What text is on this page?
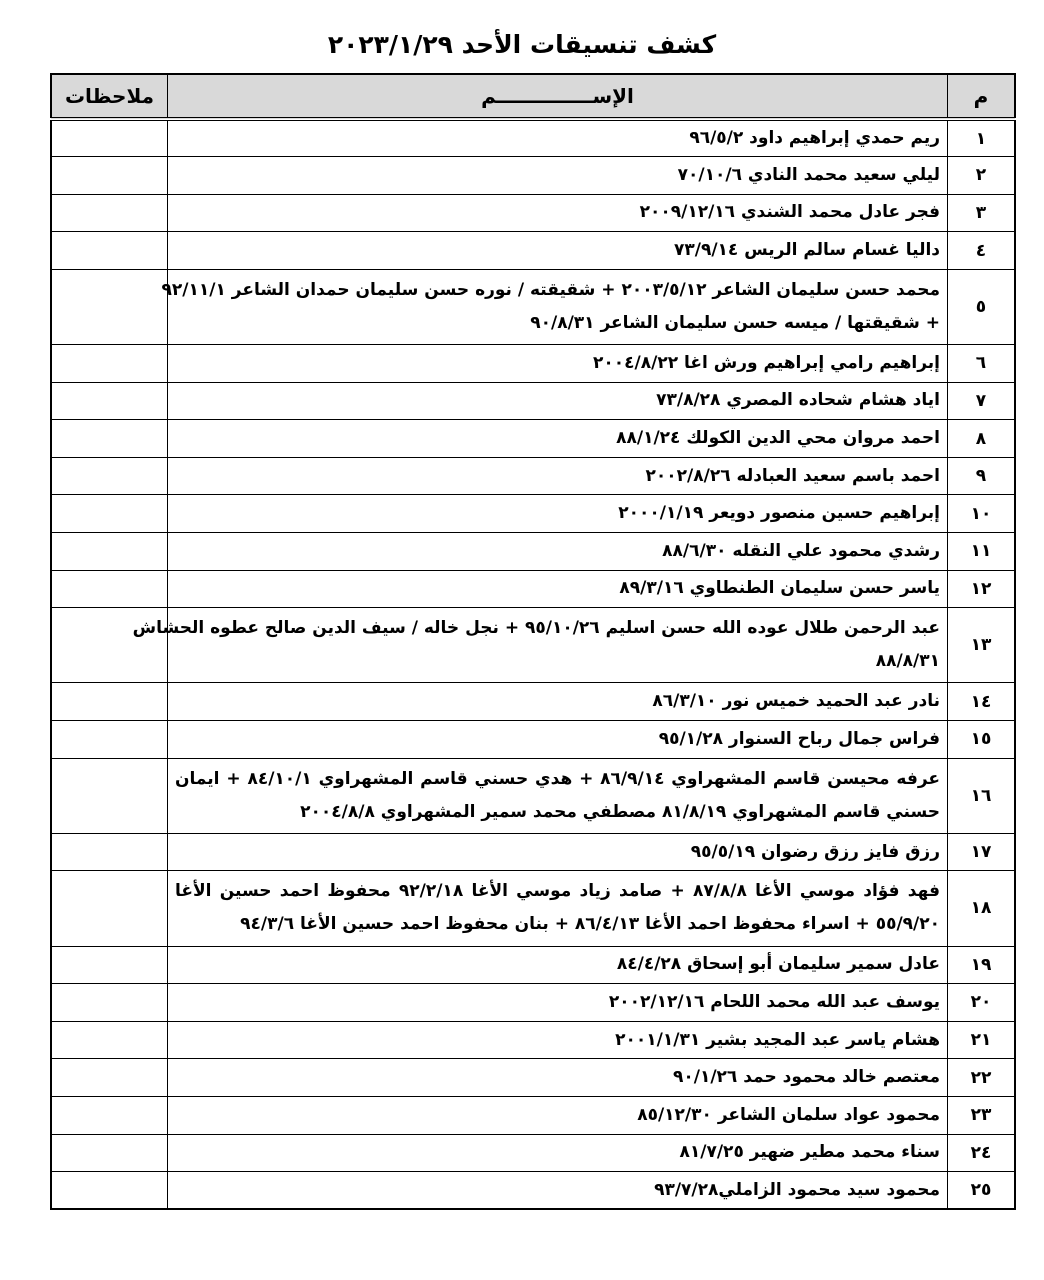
كشف تنسيقات الأحد ٢٠٢٣/١/٢٩
م	الإســــــــــــــم	ملاحظات
١	ريم حمدي إبراهيم داود ٩٦/٥/٢	

٢	ليلي سعيد محمد النادي ٧٠/١٠/٦	

٣	فجر عادل محمد الشندي ٢٠٠٩/١٢/١٦	

٤	داليا غسام سالم الريس ٧٣/٩/١٤	

٥	محمد حسن سليمان الشاعر ٢٠٠٣/٥/١٢ + شقيقته / نوره حسن سليمان حمدان الشاعر ٩٢/١١/١
+ شقيقتها / ميسه حسن سليمان الشاعر ٩٠/٨/٣١	

٦	إبراهيم رامي إبراهيم ورش اغا ٢٠٠٤/٨/٢٢	

٧	اياد هشام شحاده المصري ٧٣/٨/٢٨	

٨	احمد مروان محي الدين الكولك ٨٨/١/٢٤	

٩	احمد باسم سعيد العبادله ٢٠٠٢/٨/٢٦	

١٠	إبراهيم حسين منصور دويعر ٢٠٠٠/١/١٩	

١١	رشدي محمود علي النقله ٨٨/٦/٣٠	

١٢	ياسر حسن سليمان الطنطاوي ٨٩/٣/١٦	

١٣	عبد الرحمن طلال عوده الله حسن اسليم ٩٥/١٠/٢٦ + نجل خاله / سيف الدين صالح عطوه الحشاش
٨٨/٨/٣١	

١٤	نادر عبد الحميد خميس نور ٨٦/٣/١٠	

١٥	فراس جمال رباح السنوار ٩٥/١/٢٨	

١٦	عرفه محيسن قاسم المشهراوي ٨٦/٩/١٤ + هدي حسني قاسم المشهراوي ٨٤/١٠/١ + ايمان
حسني قاسم المشهراوي ٨١/٨/١٩ مصطفي محمد سمير المشهراوي ٢٠٠٤/٨/٨	

١٧	رزق فايز رزق رضوان ٩٥/٥/١٩	

١٨	فهد فؤاد موسي الأغا ٨٧/٨/٨ + صامد زياد موسي الأغا ٩٢/٢/١٨ محفوظ احمد حسين الأغا
٥٥/٩/٢٠ + اسراء محفوظ احمد الأغا ٨٦/٤/١٣ + بنان محفوظ احمد حسين الأغا ٩٤/٣/٦	

١٩	عادل سمير سليمان أبو إسحاق ٨٤/٤/٢٨	

٢٠	يوسف عبد الله محمد اللحام ٢٠٠٢/١٢/١٦	

٢١	هشام ياسر عبد المجيد بشير ٢٠٠١/١/٣١	

٢٢	معتصم خالد محمود حمد ٩٠/١/٢٦	

٢٣	محمود عواد سلمان الشاعر ٨٥/١٢/٣٠	

٢٤	سناء محمد مطير ضهير ٨١/٧/٢٥	

٢٥	محمود سيد محمود الزاملي٩٣/٧/٢٨	
